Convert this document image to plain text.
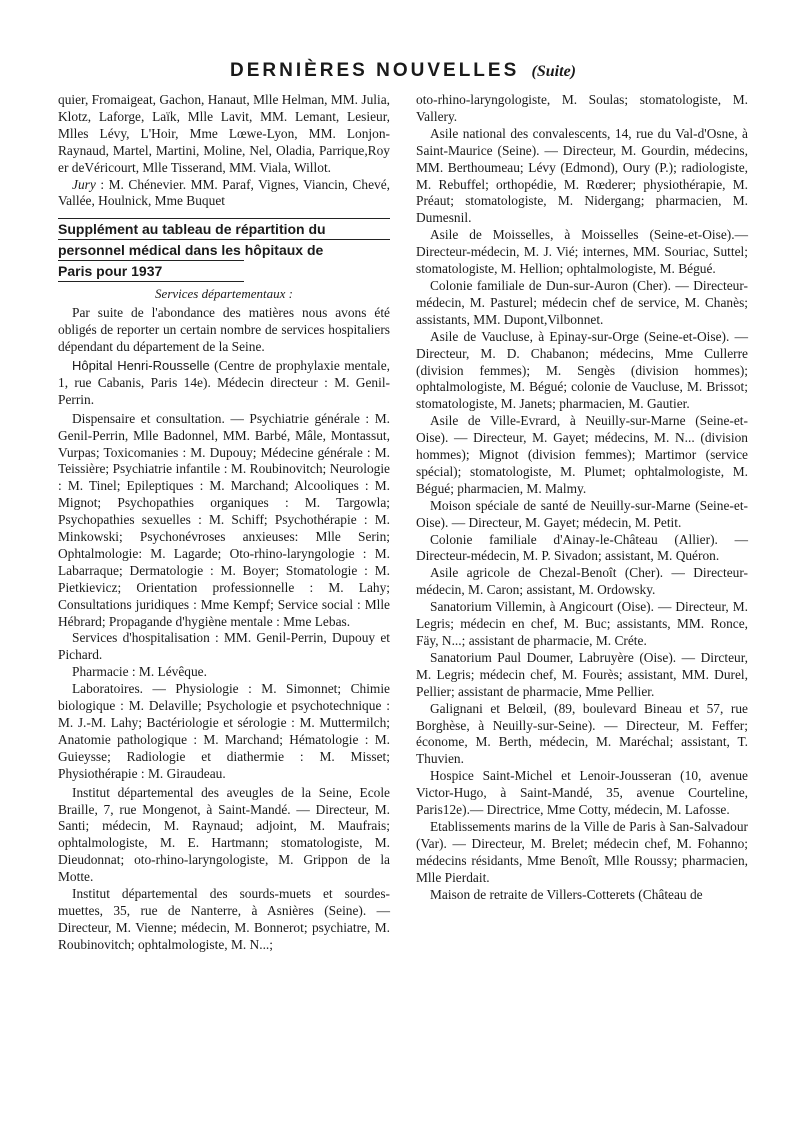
DERNIÈRES NOUVELLES (Suite)

quier, Fromaigeat, Gachon, Hanaut, Mlle Helman, MM. Julia, Klotz, Laforge, Laïk, Mlle Lavit, MM. Lemant, Lesieur, Mlles Lévy, L'Hoir, Mme Lœwe-Lyon, MM. Lonjon-Raynaud, Martel, Martini, Moline, Nel, Oladia, Parrique,Roy er deVéricourt, Mlle Tisserand, MM. Viala, Willot.

Jury : M. Chénevier. MM. Paraf, Vignes, Viancin, Chevé, Vallée, Houlnick, Mme Buquet

Supplément au tableau de répartition du
personnel médical dans les hôpitaux de
Paris pour 1937
Services départementaux :

Par suite de l'abondance des matières nous avons été obligés de reporter un certain nombre de services hospitaliers dépendant du département de la Seine.

Hôpital Henri-Rousselle (Centre de prophylaxie mentale, 1, rue Cabanis, Paris 14e). Médecin directeur : M. Genil-Perrin.

Dispensaire et consultation. — Psychiatrie générale : M. Genil-Perrin, Mlle Badonnel, MM. Barbé, Mâle, Montassut, Vurpas; Toxicomanies : M. Dupouy; Médecine générale : M. Teissière; Psychiatrie infantile : M. Roubinovitch; Neurologie : M. Tinel; Epileptiques : M. Marchand; Alcooliques : M. Mignot; Psychopathies organiques : M. Targowla; Psychopathies sexuelles : M. Schiff; Psychothérapie : M. Minkowski; Psychonévroses anxieuses: Mlle Serin; Ophtalmologie: M. Lagarde; Oto-rhino-laryngologie : M. Labarraque; Dermatologie : M. Boyer; Stomatologie : M. Pietkievicz; Orientation professionnelle : M. Lahy; Consultations juridiques : Mme Kempf; Service social : Mlle Hébrard; Propagande d'hygiène mentale : Mme Lebas.

Services d'hospitalisation : MM. Genil-Perrin, Dupouy et Pichard.

Pharmacie : M. Lévêque.

Laboratoires. — Physiologie : M. Simonnet; Chimie biologique : M. Delaville; Psychologie et psychotechnique : M. J.-M. Lahy; Bactériologie et sérologie : M. Muttermilch; Anatomie pathologique : M. Marchand; Hématologie : M. Guieysse; Radiologie et diathermie : M. Misset; Physiothérapie : M. Giraudeau.

Institut départemental des aveugles de la Seine, Ecole Braille, 7, rue Mongenot, à Saint-Mandé. — Directeur, M. Santi; médecin, M. Raynaud; adjoint, M. Maufrais; ophtalmologiste, M. E. Hartmann; stomatologiste, M. Dieudonnat; oto-rhino-laryngologiste, M. Grippon de la Motte.

Institut départemental des sourds-muets et sourdes-muettes, 35, rue de Nanterre, à Asnières (Seine). — Directeur, M. Vienne; médecin, M. Bonnerot; psychiatre, M. Roubinovitch; ophtalmologiste, M. N...;

oto-rhino-laryngologiste, M. Soulas; stomatologiste, M. Vallery.

Asile national des convalescents, 14, rue du Val-d'Osne, à Saint-Maurice (Seine). — Directeur, M. Gourdin, médecins, MM. Berthoumeau; Lévy (Edmond), Oury (P.); radiologiste, M. Rebuffel; orthopédie, M. Rœderer; physiothérapie, M. Préaut; stomatologiste, M. Nidergang; pharmacien, M. Dumesnil.

Asile de Moisselles, à Moisselles (Seine-et-Oise).— Directeur-médecin, M. J. Vié; internes, MM. Souriac, Suttel; stomatologiste, M. Hellion; ophtalmologiste, M. Bégué.

Colonie familiale de Dun-sur-Auron (Cher). — Directeur-médecin, M. Pasturel; médecin chef de service, M. Chanès; assistants, MM. Dupont,Vilbonnet.

Asile de Vaucluse, à Epinay-sur-Orge (Seine-et-Oise). — Directeur, M. D. Chabanon; médecins, Mme Cullerre (division femmes); M. Sengès (division hommes); ophtalmologiste, M. Bégué; colonie de Vaucluse, M. Brissot; stomatologiste, M. Janets; pharmacien, M. Gautier.

Asile de Ville-Evrard, à Neuilly-sur-Marne (Seine-et-Oise). — Directeur, M. Gayet; médecins, M. N... (division hommes); Mignot (division femmes); Martimor (service spécial); stomatologiste, M. Plumet; ophtalmologiste, M. Bégué; pharmacien, M. Malmy.

Moison spéciale de santé de Neuilly-sur-Marne (Seine-et-Oise). — Directeur, M. Gayet; médecin, M. Petit.

Colonie familiale d'Ainay-le-Château (Allier). — Directeur-médecin, M. P. Sivadon; assistant, M. Quéron.

Asile agricole de Chezal-Benoît (Cher). — Directeur-médecin, M. Caron; assistant, M. Ordowsky.

Sanatorium Villemin, à Angicourt (Oise). — Directeur, M. Legris; médecin en chef, M. Buc; assistants, MM. Ronce, Fäy, N...; assistant de pharmacie, M. Créte.

Sanatorium Paul Doumer, Labruyère (Oise). — Dircteur, M. Legris; médecin chef, M. Fourès; assistant, MM. Durel, Pellier; assistant de pharmacie, Mme Pellier.

Galignani et Belœil, (89, boulevard Bineau et 57, rue Borghèse, à Neuilly-sur-Seine). — Directeur, M. Feffer; économe, M. Berth, médecin, M. Maréchal; assistant, T. Thuvien.

Hospice Saint-Michel et Lenoir-Jousseran (10, avenue Victor-Hugo, à Saint-Mandé, 35, avenue Courteline, Paris12e).— Directrice, Mme Cotty, médecin, M. Lafosse.

Etablissements marins de la Ville de Paris à San-Salvadour (Var). — Directeur, M. Brelet; médecin chef, M. Fohanno; médecins résidants, Mme Benoît, Mlle Roussy; pharmacien, Mlle Pierdait.

Maison de retraite de Villers-Cotterets (Château de
